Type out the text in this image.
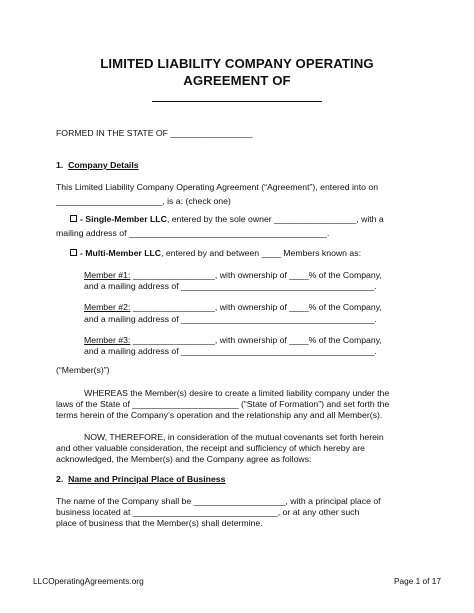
LIMITED LIABILITY COMPANY OPERATING
AGREEMENT OF
FORMED IN THE STATE OF _________________
1. Company Details
This Limited Liability Company Operating Agreement (“Agreement”), entered into on
______________________, is a: (check one)
- Single-Member LLC, entered by the sole owner _________________, with a
mailing address of _________________________________________.
- Multi-Member LLC, entered by and between ____ Members known as:
Member #1: _________________, with ownership of ____% of the Company,
and a mailing address of ________________________________________.
Member #2: _________________, with ownership of ____% of the Company,
and a mailing address of ________________________________________.
Member #3: _________________, with ownership of ____% of the Company,
and a mailing address of ________________________________________.
(“Member(s)”)
WHEREAS the Member(s) desire to create a limited liability company under the
laws of the State of ______________________ (“State of Formation”) and set forth the
terms herein of the Company’s operation and the relationship any and all Member(s).
NOW, THEREFORE, in consideration of the mutual covenants set forth herein
and other valuable consideration, the receipt and sufficiency of which hereby are
acknowledged, the Member(s) and the Company agree as follows:
2. Name and Principal Place of Business
The name of the Company shall be ___________________, with a principal place of
business located at ______________________________, or at any other such
place of business that the Member(s) shall determine.
LLCOperatingAgreements.org	Page 1 of 17
